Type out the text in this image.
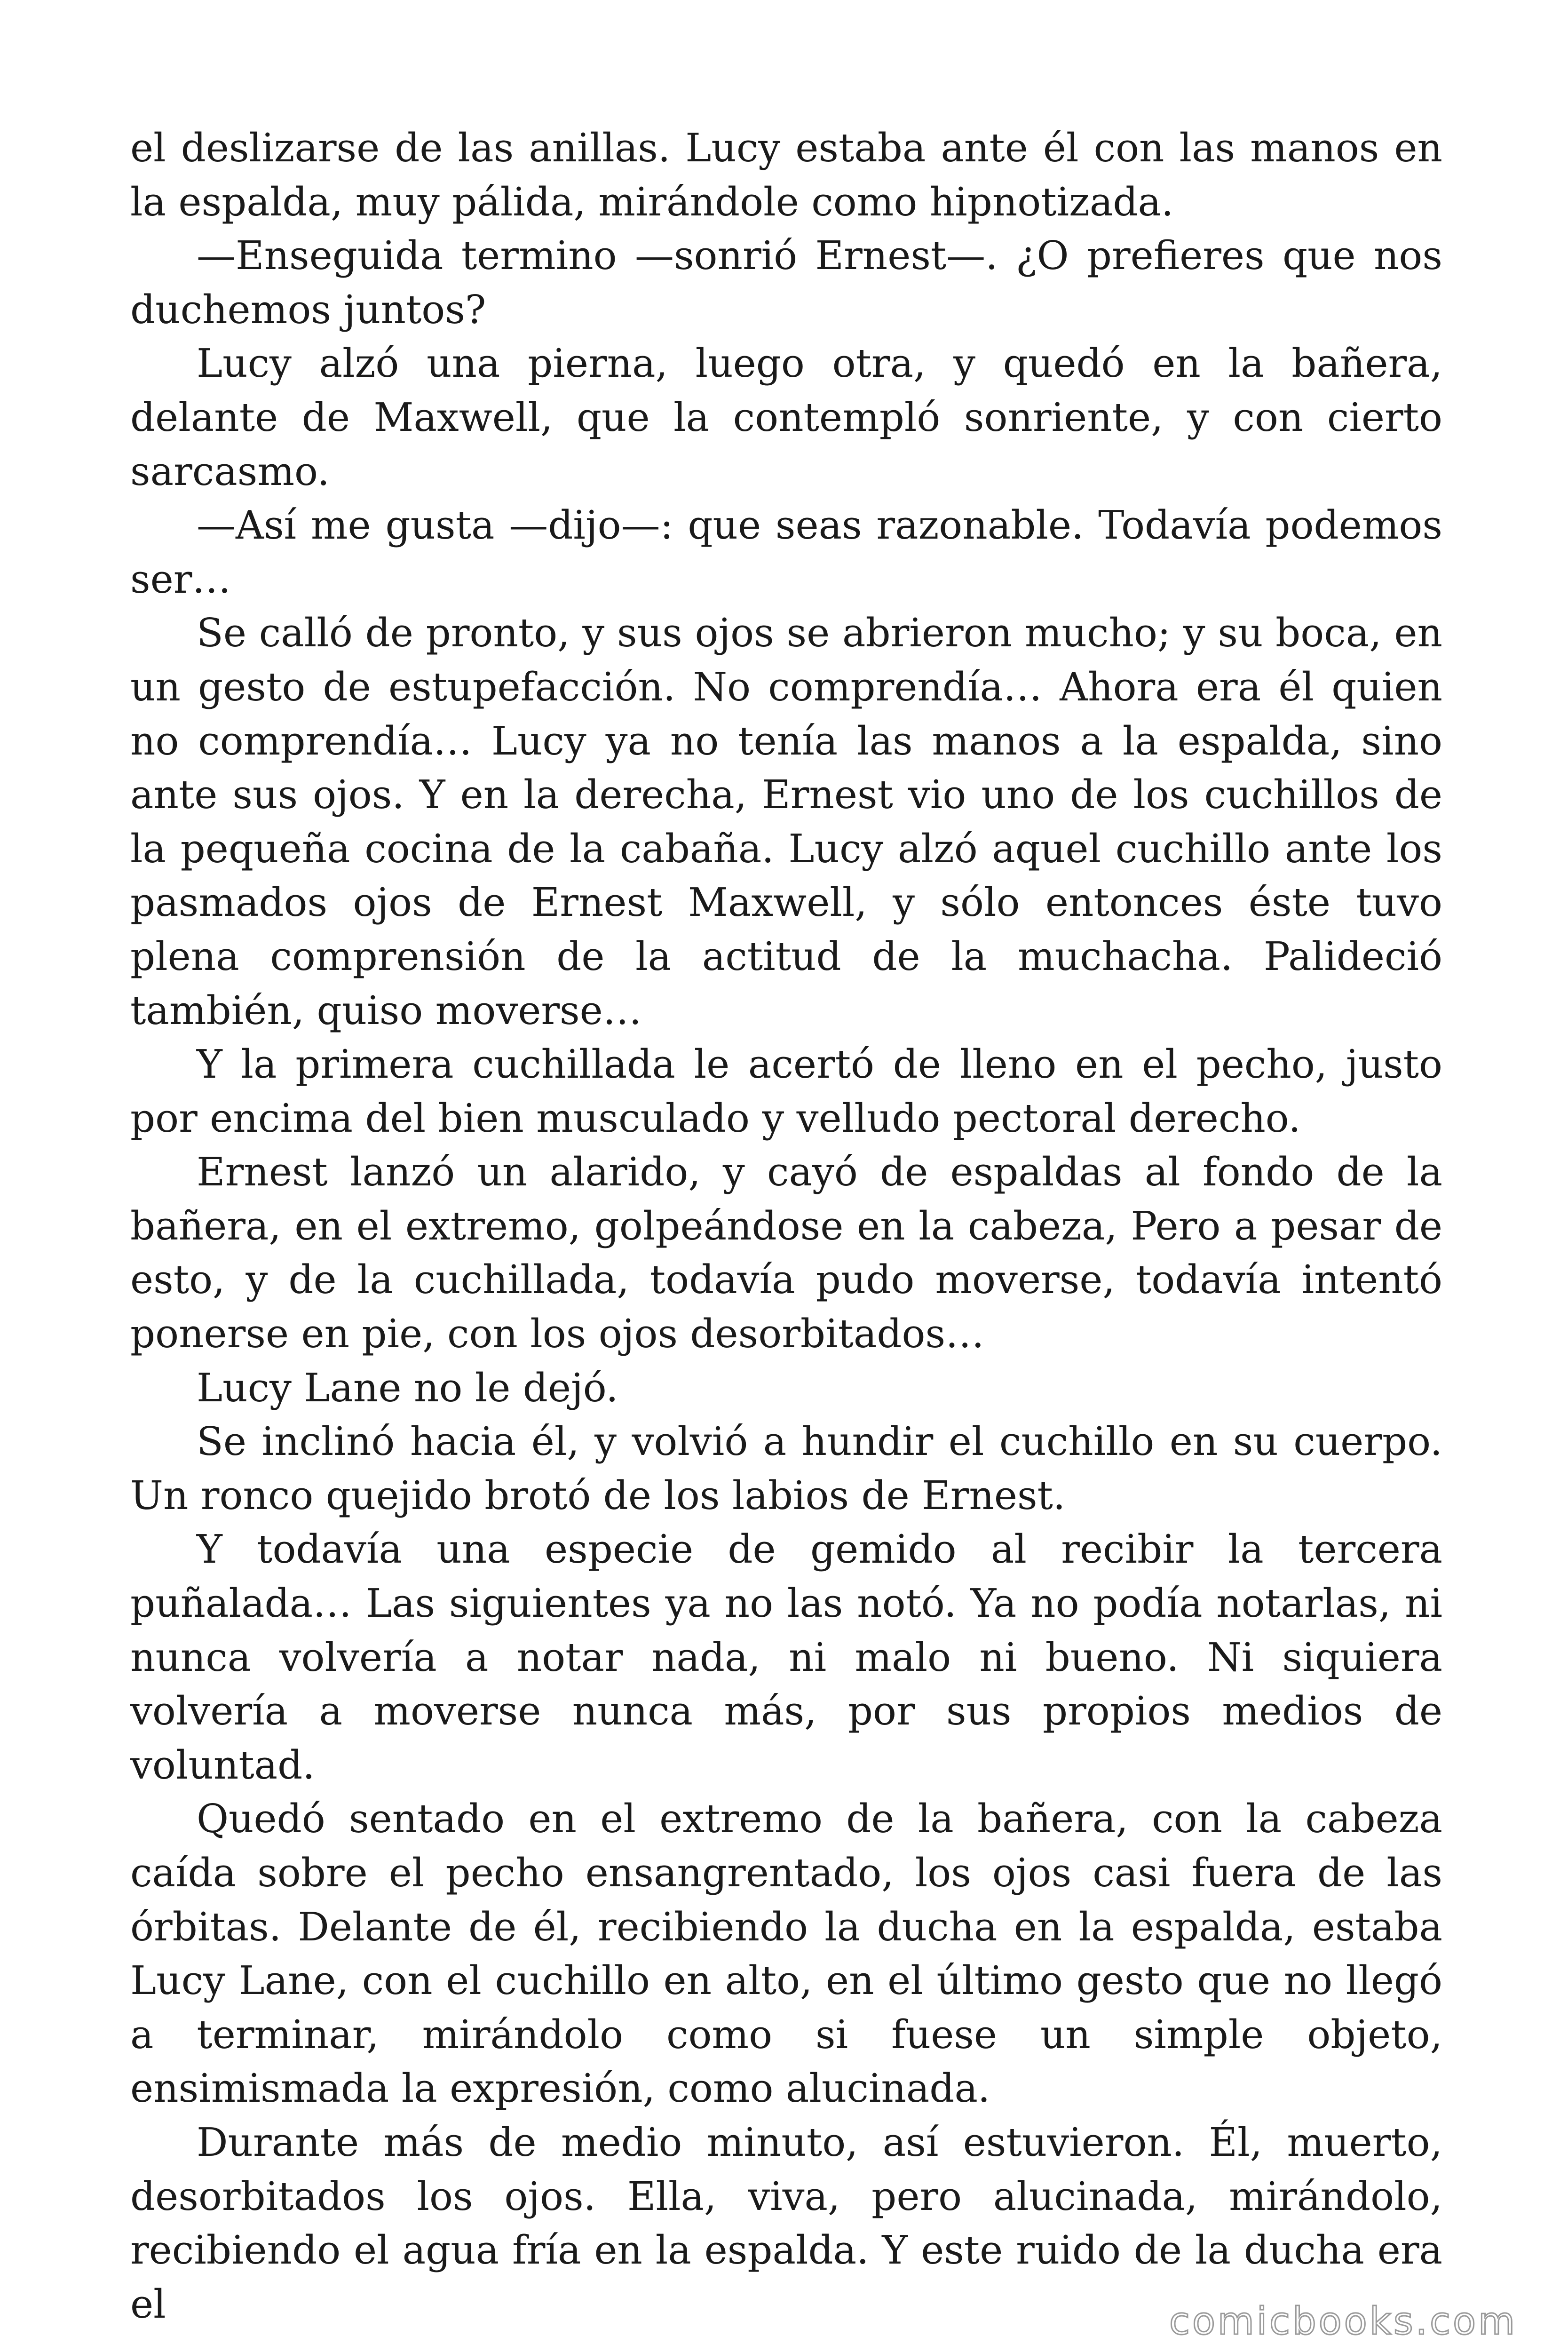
el deslizarse de las anillas. Lucy estaba ante él con las manos en la espalda, muy pálida, mirándole como hipnotizada.

—Enseguida termino —sonrió Ernest—. ¿O prefieres que nos duchemos juntos?

Lucy alzó una pierna, luego otra, y quedó en la bañera, delante de Maxwell, que la contempló sonriente, y con cierto sarcasmo.

—Así me gusta —dijo—: que seas razonable. Todavía podemos ser…

Se calló de pronto, y sus ojos se abrieron mucho; y su boca, en un gesto de estupefacción. No comprendía… Ahora era él quien no comprendía… Lucy ya no tenía las manos a la espalda, sino ante sus ojos. Y en la derecha, Ernest vio uno de los cuchillos de la pequeña cocina de la cabaña. Lucy alzó aquel cuchillo ante los pasmados ojos de Ernest Maxwell, y sólo entonces éste tuvo plena comprensión de la actitud de la muchacha. Palideció también, quiso moverse…

Y la primera cuchillada le acertó de lleno en el pecho, justo por encima del bien musculado y velludo pectoral derecho.

Ernest lanzó un alarido, y cayó de espaldas al fondo de la bañera, en el extremo, golpeándose en la cabeza, Pero a pesar de esto, y de la cuchillada, todavía pudo moverse, todavía intentó ponerse en pie, con los ojos desorbitados…

Lucy Lane no le dejó.

Se inclinó hacia él, y volvió a hundir el cuchillo en su cuerpo. Un ronco quejido brotó de los labios de Ernest.

Y todavía una especie de gemido al recibir la tercera puñalada… Las siguientes ya no las notó. Ya no podía notarlas, ni nunca volvería a notar nada, ni malo ni bueno. Ni siquiera volvería a moverse nunca más, por sus propios medios de voluntad.

Quedó sentado en el extremo de la bañera, con la cabeza caída sobre el pecho ensangrentado, los ojos casi fuera de las órbitas. Delante de él, recibiendo la ducha en la espalda, estaba Lucy Lane, con el cuchillo en alto, en el último gesto que no llegó a terminar, mirándolo como si fuese un simple objeto, ensimismada la expresión, como alucinada.

Durante más de medio minuto, así estuvieron. Él, muerto, desorbitados los ojos. Ella, viva, pero alucinada, mirándolo, recibiendo el agua fría en la espalda. Y este ruido de la ducha era el	comicbooks.com
